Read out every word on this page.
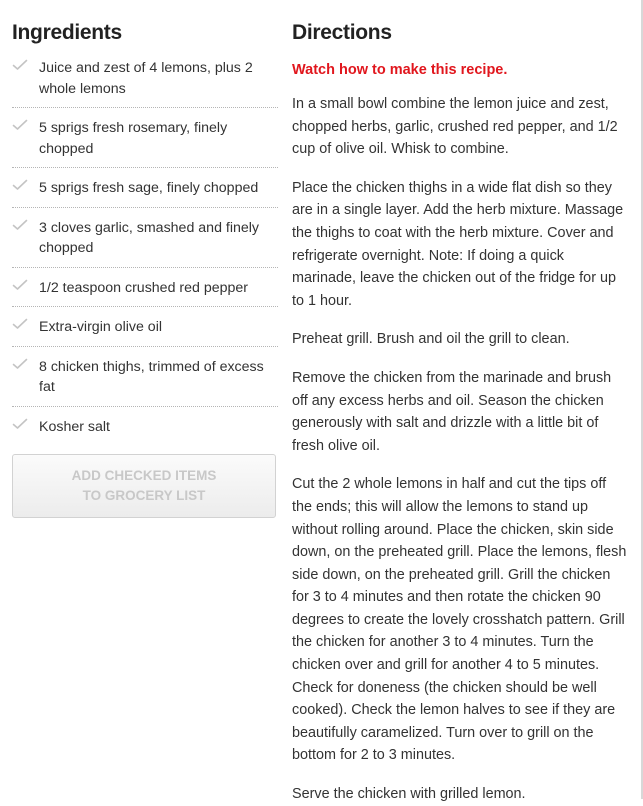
Ingredients
Juice and zest of 4 lemons, plus 2 whole lemons
5 sprigs fresh rosemary, finely chopped
5 sprigs fresh sage, finely chopped
3 cloves garlic, smashed and finely chopped
1/2 teaspoon crushed red pepper
Extra-virgin olive oil
8 chicken thighs, trimmed of excess fat
Kosher salt
ADD CHECKED ITEMS TO GROCERY LIST
Directions
Watch how to make this recipe.

In a small bowl combine the lemon juice and zest, chopped herbs, garlic, crushed red pepper, and 1/2 cup of olive oil. Whisk to combine.

Place the chicken thighs in a wide flat dish so they are in a single layer. Add the herb mixture. Massage the thighs to coat with the herb mixture. Cover and refrigerate overnight. Note: If doing a quick marinade, leave the chicken out of the fridge for up to 1 hour.

Preheat grill. Brush and oil the grill to clean.

Remove the chicken from the marinade and brush off any excess herbs and oil. Season the chicken generously with salt and drizzle with a little bit of fresh olive oil.

Cut the 2 whole lemons in half and cut the tips off the ends; this will allow the lemons to stand up without rolling around. Place the chicken, skin side down, on the preheated grill. Place the lemons, flesh side down, on the preheated grill. Grill the chicken for 3 to 4 minutes and then rotate the chicken 90 degrees to create the lovely crosshatch pattern. Grill the chicken for another 3 to 4 minutes. Turn the chicken over and grill for another 4 to 5 minutes. Check for doneness (the chicken should be well cooked). Check the lemon halves to see if they are beautifully caramelized. Turn over to grill on the bottom for 2 to 3 minutes.

Serve the chicken with grilled lemon.
